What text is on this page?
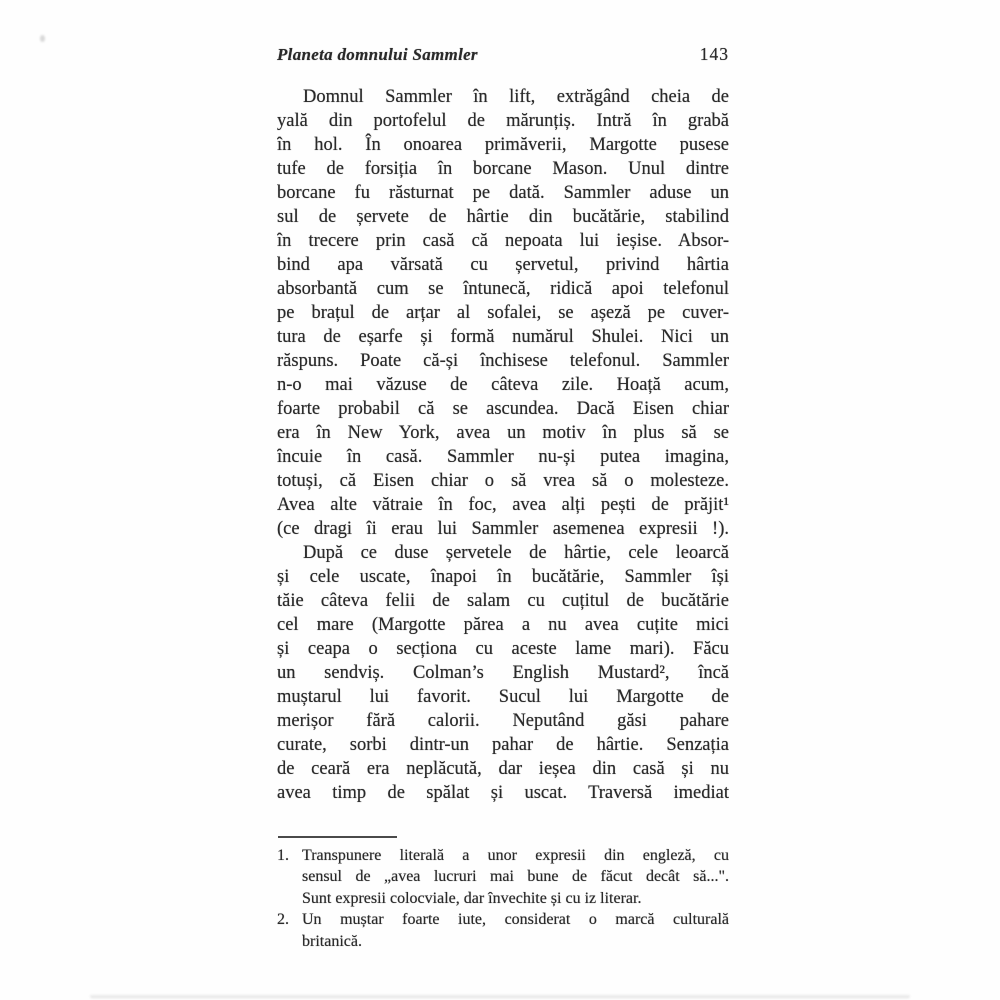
Planeta domnului Sammler	143
Domnul Sammler în lift, extrăgând cheia de
yală din portofelul de mărunțiș. Intră în grabă
în hol. În onoarea primăverii, Margotte pusese
tufe de forsiția în borcane Mason. Unul dintre
borcane fu răsturnat pe dată. Sammler aduse un
sul de șervete de hârtie din bucătărie, stabilind
în trecere prin casă că nepoata lui ieșise. Absor-
bind apa vărsată cu șervetul, privind hârtia
absorbantă cum se întunecă, ridică apoi telefonul
pe brațul de arțar al sofalei, se așeză pe cuver-
tura de eșarfe și formă numărul Shulei. Nici un
răspuns. Poate că-și închisese telefonul. Sammler
n-o mai văzuse de câteva zile. Hoață acum,
foarte probabil că se ascundea. Dacă Eisen chiar
era în New York, avea un motiv în plus să se
încuie în casă. Sammler nu-și putea imagina,
totuși, că Eisen chiar o să vrea să o molesteze.
Avea alte vătraie în foc, avea alți pești de prăjit¹
(ce dragi îi erau lui Sammler asemenea expresii !).
După ce duse șervetele de hârtie, cele leoarcă
și cele uscate, înapoi în bucătărie, Sammler își
tăie câteva felii de salam cu cuțitul de bucătărie
cel mare (Margotte părea a nu avea cuțite mici
și ceapa o secționa cu aceste lame mari). Făcu
un sendviș. Colman’s English Mustard², încă
muștarul lui favorit. Sucul lui Margotte de
merișor fără calorii. Neputând găsi pahare
curate, sorbi dintr-un pahar de hârtie. Senzația
de ceară era neplăcută, dar ieșea din casă și nu
avea timp de spălat și uscat. Traversă imediat
1. Transpunere literală a unor expresii din engleză, cu
sensul de „avea lucruri mai bune de făcut decât să...".
Sunt expresii colocviale, dar învechite și cu iz literar.
2. Un muștar foarte iute, considerat o marcă culturală
britanică.
